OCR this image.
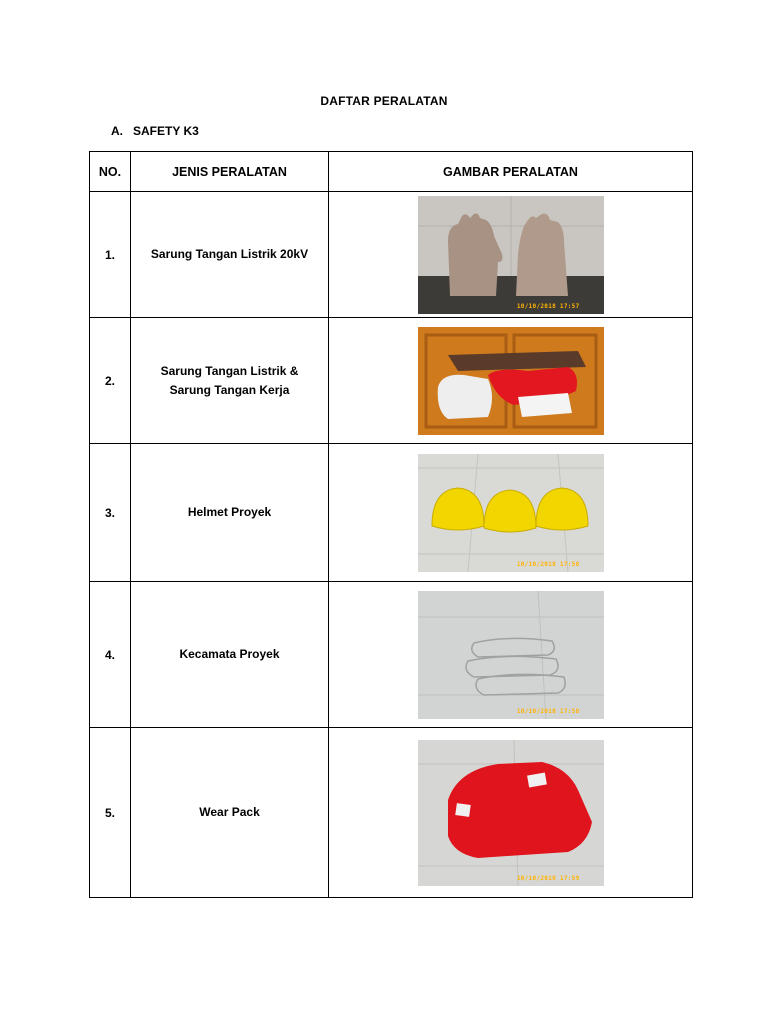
DAFTAR PERALATAN
A. SAFETY K3
NO.	JENIS PERALATAN	GAMBAR PERALATAN
1.	Sarung Tangan Listrik 20kV	10/10/2018 17:57

2.	Sarung Tangan Listrik & Sarung Tangan Kerja	

3.	Helmet Proyek	10/10/2018 17:58

4.	Kecamata Proyek	10/10/2018 17:58

5.	Wear Pack	10/10/2018 17:59
